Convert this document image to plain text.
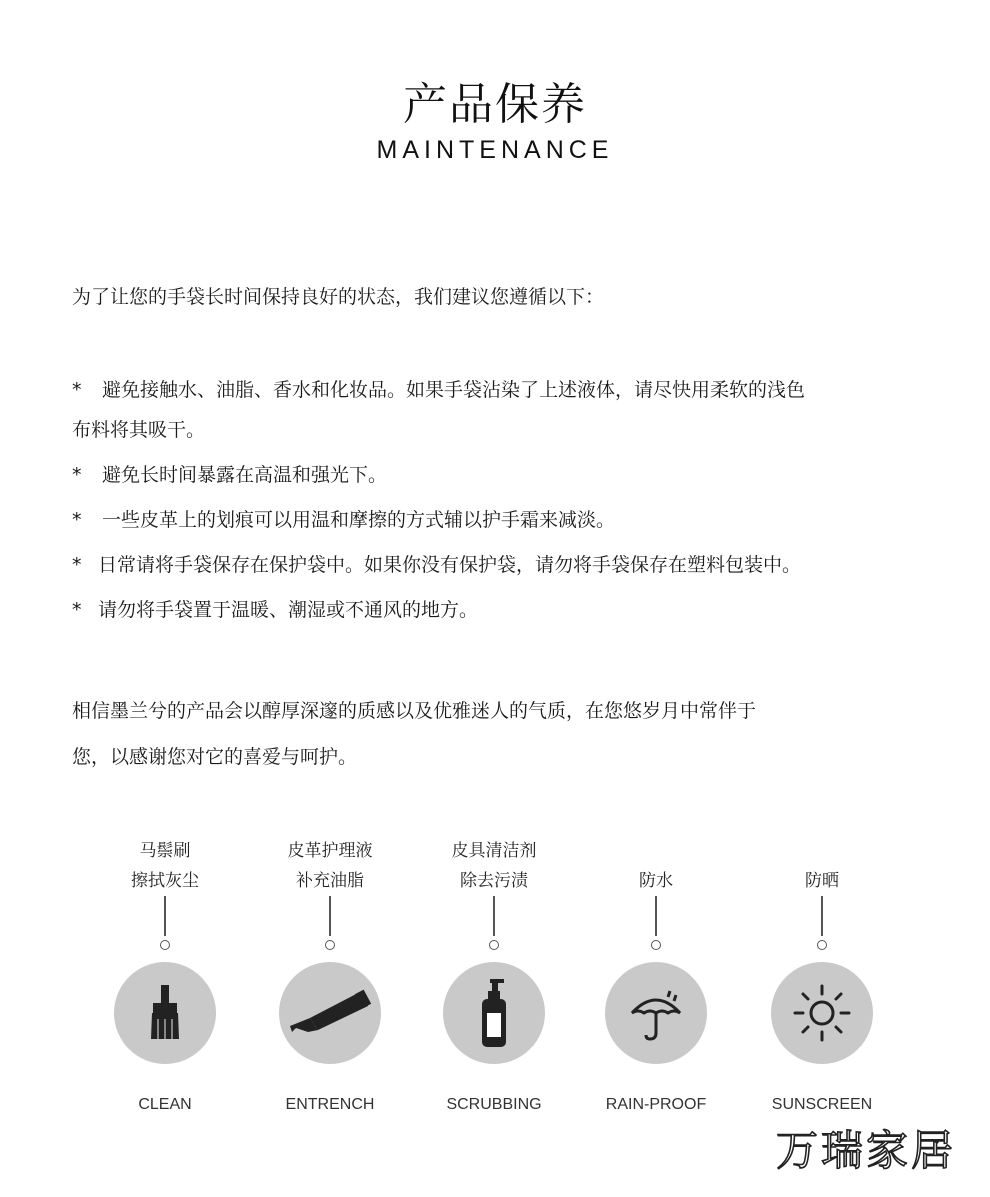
产品保养
MAINTENANCE
为了让您的手袋长时间保持良好的状态，我们建议您遵循以下：
* 避免接触水、油脂、香水和化妆品。如果手袋沾染了上述液体，请尽快用柔软的浅色
布料将其吸干。
* 避免长时间暴露在高温和强光下。
* 一些皮革上的划痕可以用温和摩擦的方式辅以护手霜来减淡。
* 日常请将手袋保存在保护袋中。如果你没有保护袋，请勿将手袋保存在塑料包装中。
* 请勿将手袋置于温暖、潮湿或不通风的地方。
相信墨兰兮的产品会以醇厚深邃的质感以及优雅迷人的气质，在您悠岁月中常伴于
您，以感谢您对它的喜爱与呵护。
马鬃刷
擦拭灰尘
CLEAN
皮革护理液
补充油脂
ENTRENCH
皮具清洁剂
除去污渍
SCRUBBING
防水
RAIN-PROOF
防晒
SUNSCREEN
万瑞家居
